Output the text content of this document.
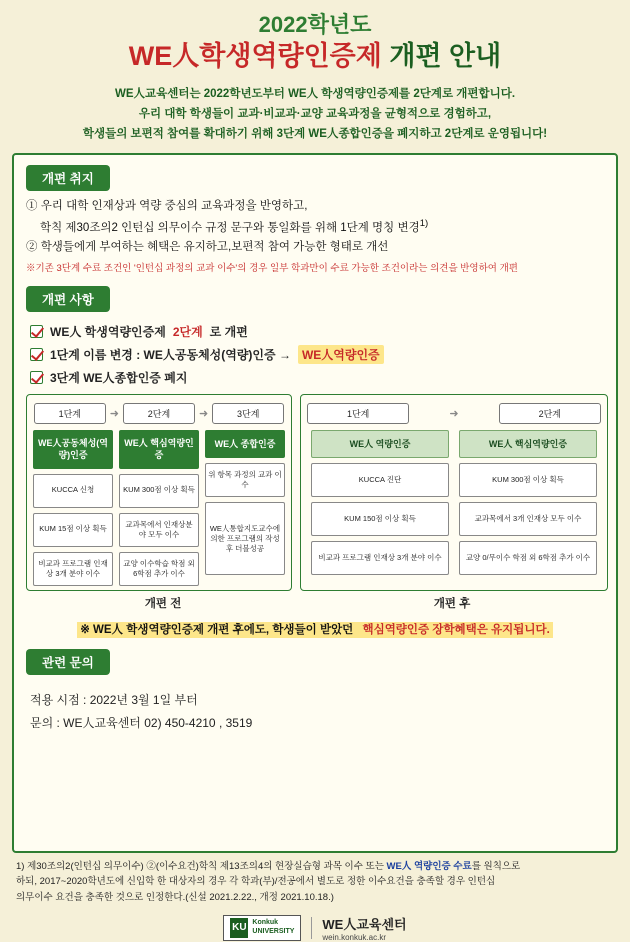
2022학년도
WE人학생역량인증제 개편 안내
WE人교육센터는 2022학년도부터 WE人 학생역량인증제를 2단계로 개편합니다.
우리 대학 학생들이 교과·비교과·교양 교육과정을 균형적으로 경험하고,
학생들의 보편적 참여를 확대하기 위해 3단계 WE人종합인증을 폐지하고 2단계로 운영됩니다!
개편 취지
① 우리 대학 인재상과 역량 중심의 교육과정을 반영하고,
학칙 제30조의2 인턴십 의무이수 규정 문구와 통일화를 위해 1단계 명칭 변경$^{1)}$
② 학생들에게 부여하는 혜택은 유지하고,보편적 참여 가능한 형태로 개선
※기존 3단계 수료 조건인 '인턴십 과정의 교과 이수'의 경우 일부 학과만이 수료 가능한 조건이라는 의견을 반영하여 개편
개편 사항
WE人 학생역량인증제 2단계 로 개편
1단계 이름 변경 : WE人공동체성(역량)인증 → WE人역량인증
3단계 WE人종합인증 폐지
1단계	➜	2단계	➜	3단계
WE人공동체성(역량)인증
KUCCA 신청
KUM 15점 이상 획득
비교과 프로그램 인재상 3개 분야 이수
WE人 핵심역량인증
KUM 300점 이상 획득
교과목에서 인재상분야 모두 이수
교양 이수학습 학점 외 6학점 추가 이수
WE人 종합인증
위 항목 과정의 교과 이수
WE人통합지도교수에 의한 프로그램의 작성 후 더블성공
1단계	➜	2단계
WE人 역량인증
KUCCA 진단
KUM 150점 이상 획득
비교과 프로그램 인재상 3개 분야 이수
WE人 핵심역량인증
KUM 300점 이상 획득
교과목에서 3개 인재상 모두 이수
교양 0/무이수 학점 외 6학점 추가 이수
개편 전	개편 후
※ WE人 학생역량인증제 개편 후에도, 학생들이 받았던 핵심역량인증 장학혜택은 유지됩니다.
관련 문의
적용 시점 : 2022년 3월 1일 부터
문의 : WE人교육센터 02) 450-4210 , 3519
1) 제30조의2(인턴십 의무이수) ②(이수요건)학칙 제13조의4의 현장실습형 과목 이수 또는 WE人 역량인증 수료를 원칙으로
하되, 2017~2020학년도에 신입학 한 대상자의 경우 각 학과(부)/전공에서 별도로 정한 이수요건을 충족할 경우 인턴십
의무이수 요건을 충족한 것으로 인정한다.(신설 2021.2.22., 개정 2021.10.18.)
KU Konkuk
UNIVERSITY WE人교육센터
wein.konkuk.ac.kr
